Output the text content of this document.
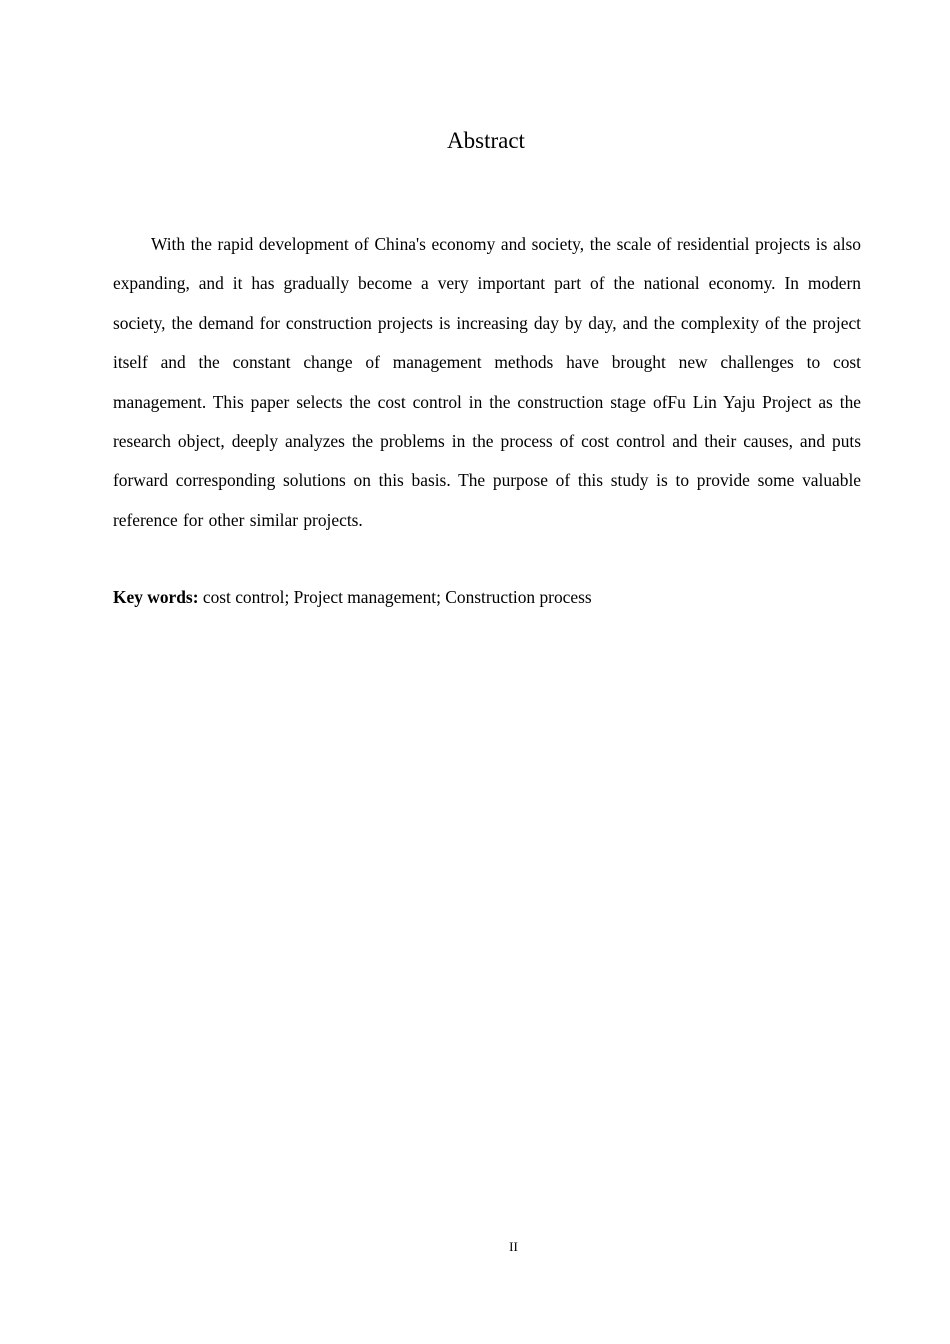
Abstract

With the rapid development of China's economy and society, the scale of residential projects is also expanding, and it has gradually become a very important part of the national economy. In modern society, the demand for construction projects is increasing day by day, and the complexity of the project itself and the constant change of management methods have brought new challenges to cost management. This paper selects the cost control in the construction stage ofFu Lin Yaju Project as the research object, deeply analyzes the problems in the process of cost control and their causes, and puts forward corresponding solutions on this basis. The purpose of this study is to provide some valuable reference for other similar projects.

Key words: cost control; Project management; Construction process

II
